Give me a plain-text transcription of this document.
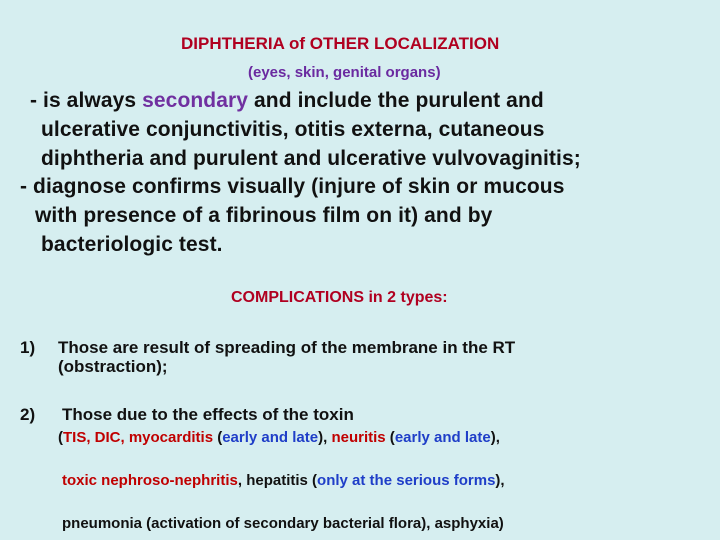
DIPHTHERIA of OTHER LOCALIZATION
(eyes, skin, genital organs)
- is always secondary and include the purulent and
ulcerative conjunctivitis, otitis externa, cutaneous
diphtheria and purulent and ulcerative vulvovaginitis;
- diagnose confirms visually (injure of skin or mucous
with presence of a fibrinous film on it) and by
bacteriologic test.
COMPLICATIONS in 2 types:
1) Those are result of spreading of the membrane in the RT
(obstraction);
2) Those due to the effects of the toxin
(TIS, DIC, myocarditis (early and late), neuritis (early and late),
toxic nephroso-nephritis, hepatitis (only at the serious forms),
pneumonia (activation of secondary bacterial flora), asphyxia)
